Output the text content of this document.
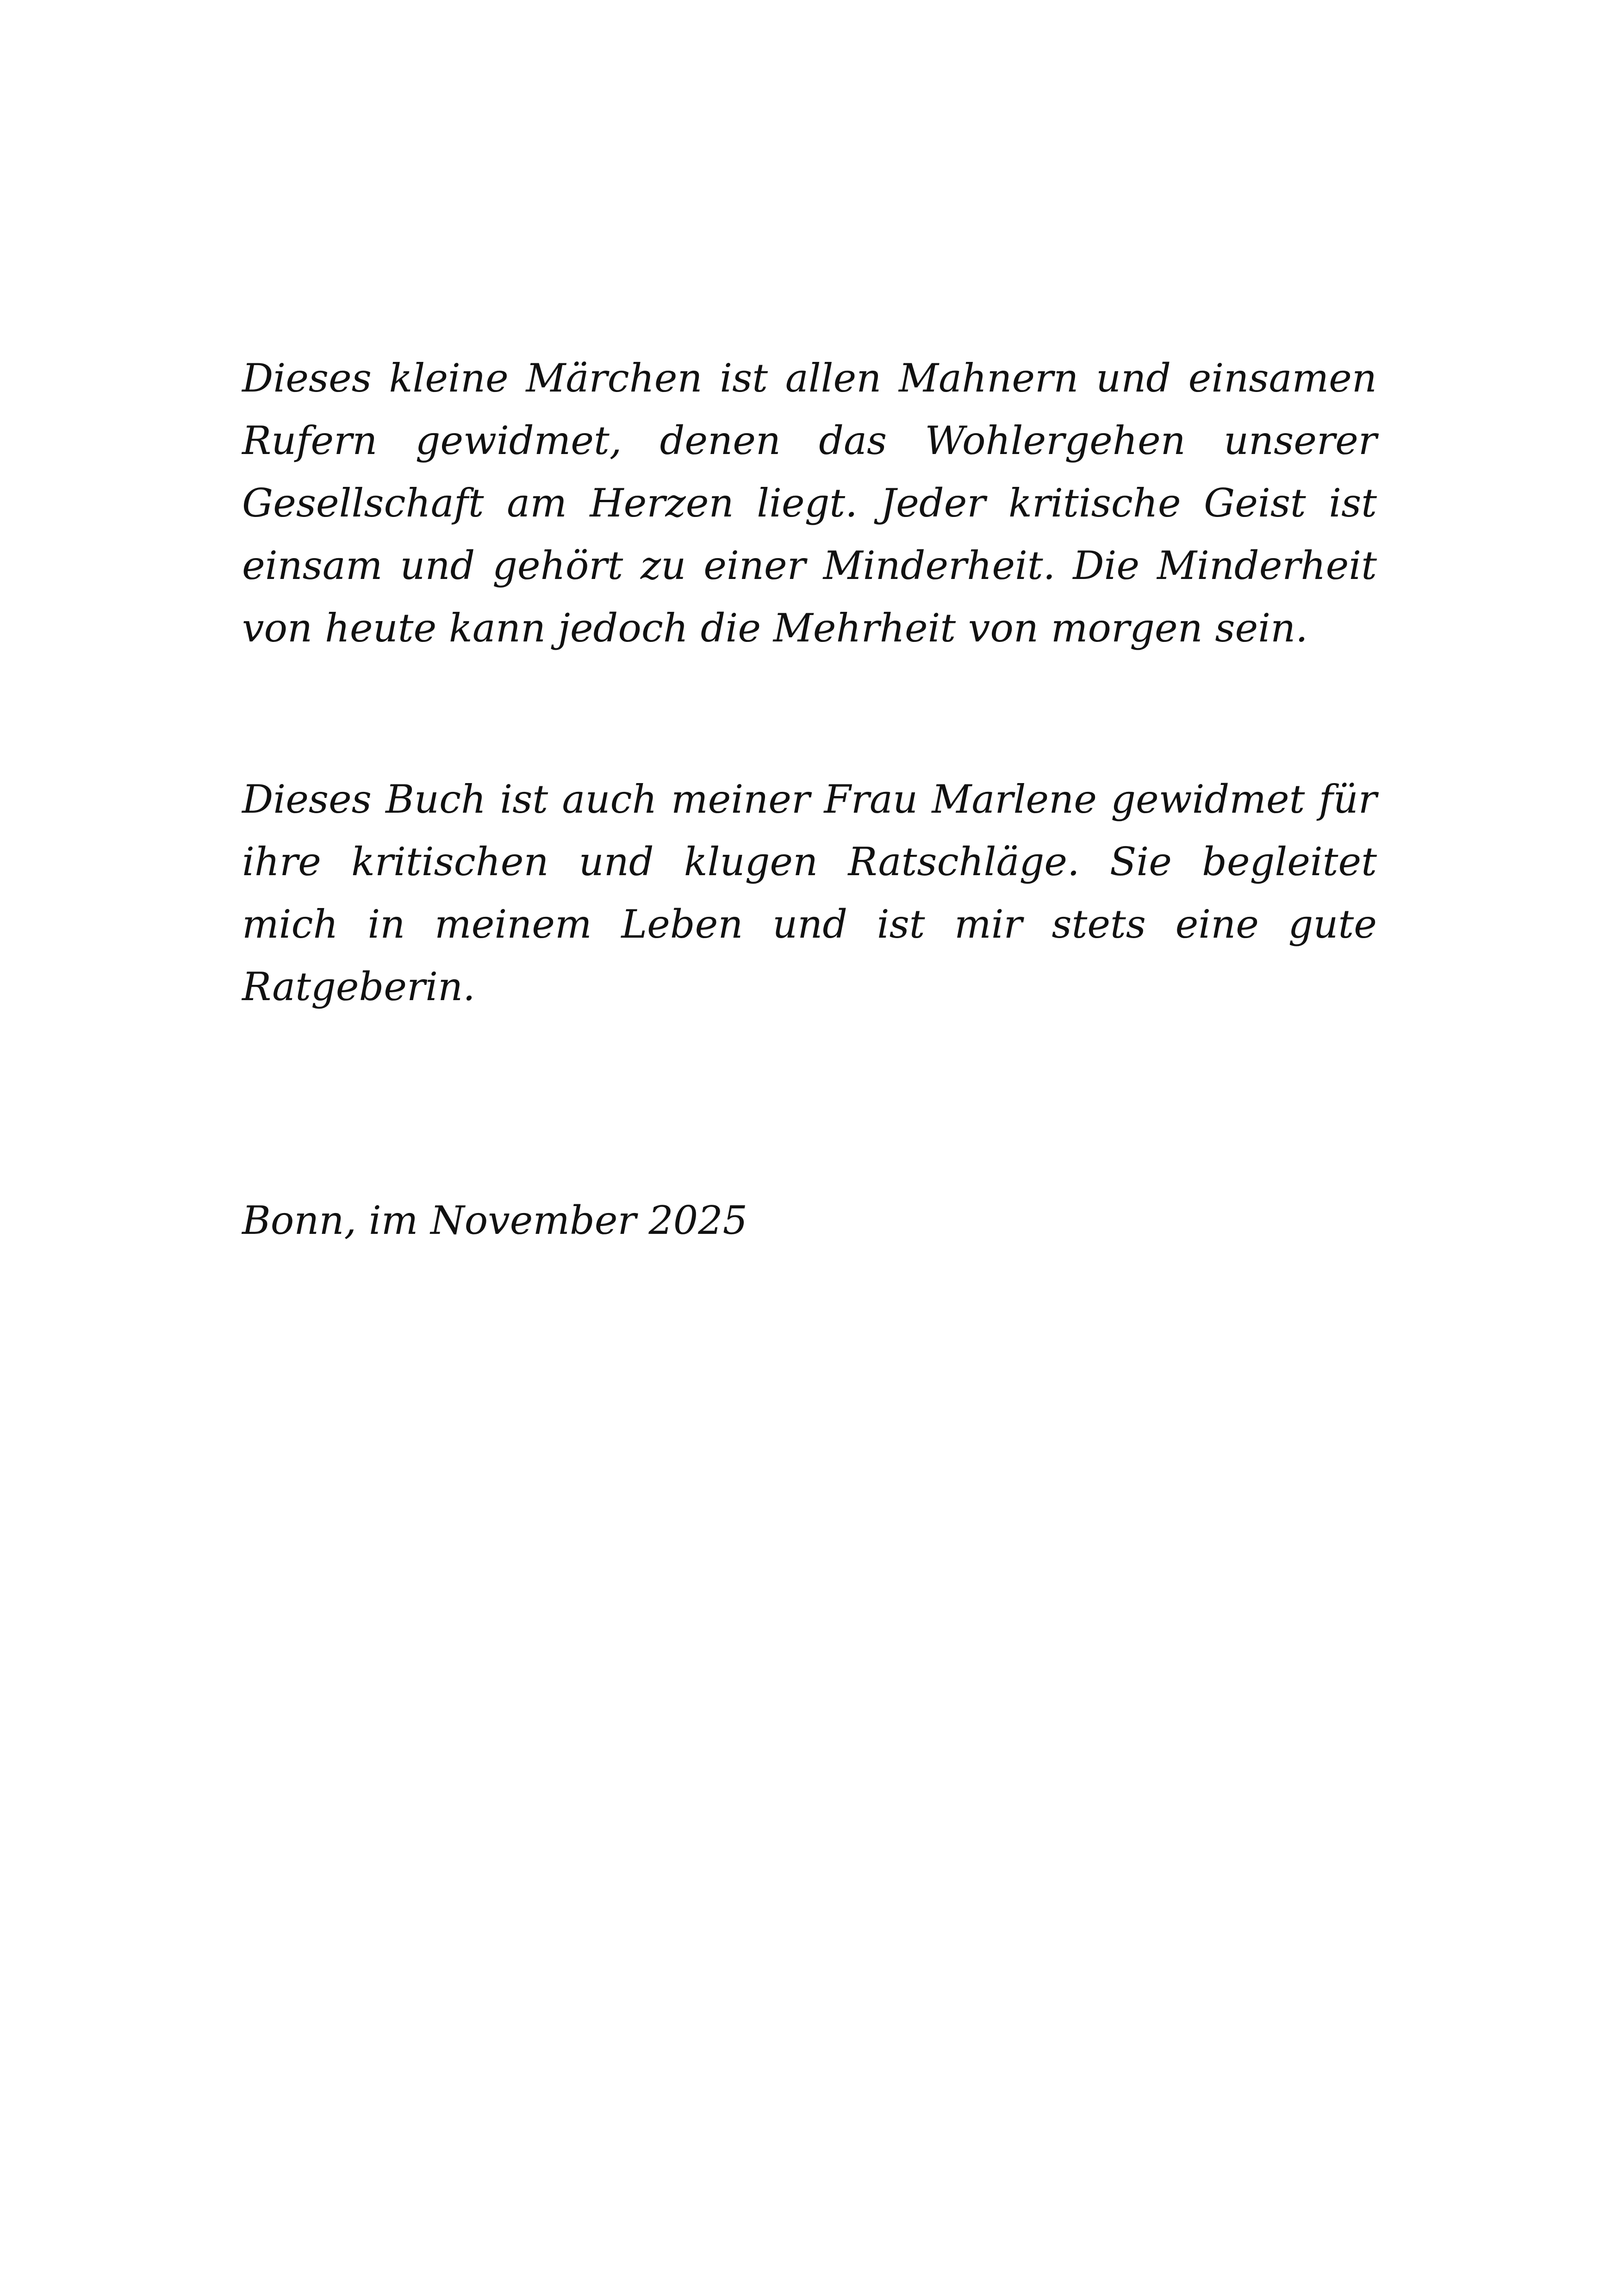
Dieses kleine Märchen ist allen Mahnern und einsamen Rufern gewidmet, denen das Wohlergehen unserer Gesellschaft am Herzen liegt. Jeder kritische Geist ist einsam und gehört zu einer Minderheit. Die Minderheit von heute kann jedoch die Mehrheit von morgen sein.

Dieses Buch ist auch meiner Frau Marlene gewidmet für ihre kritischen und klugen Ratschläge. Sie begleitet mich in meinem Leben und ist mir stets eine gute Ratgeberin.

Bonn, im November 2025
